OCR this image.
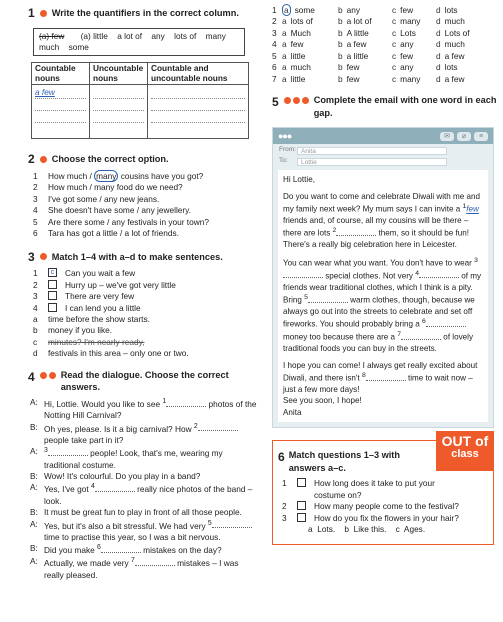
1 Write the quantifiers in the correct column.
(a) few (a) little a lot of any lots of many much some
Countable nouns	Uncountable nouns	Countable and uncountable nouns

a few		

2 Choose the correct option.
1	How much / many cousins have you got?
2	How much / many food do we need?
3	I've got some / any new jeans.
4	She doesn't have some / any jewellery.
5	Are there some / any festivals in your town?
6	Tara has got a little / a lot of friends.
3 Match 1–4 with a–d to make sentences.
1	c	Can you wait a few
2	Hurry up – we've got very little
3	There are very few
4	I can lend you a little
a	time before the show starts.
b	money if you like.
c	minutes? I'm nearly ready,
d	festivals in this area – only one or two.
4	Read the dialogue. Choose the correct answers.
A: Hi, Lottie. Would you like to see $^1$	photos of the Notting Hill Carnival?
B: Oh yes, please. Is it a big carnival? How $^2$ people take part in it?
A: $^3$	people! Look, that's me, wearing my traditional costume.
B: Wow! It's colourful. Do you play in a band?
A: Yes, I've got $^4$	really nice photos of the band – look.
B: It must be great fun to play in front of all those people.
A: Yes, but it's also a bit stressful. We had very $^5$ time to practise this year, so I was a bit nervous.
B: Did you make $^6$	mistakes on the day?
A: Actually, we made very $^7$	mistakes – I was really pleased.
1 a some	b any	c few	d lots
2 a lots of	b a lot of	c many	d much
3 a Much	b A little	c Lots	d Lots of
4 a few	b a few	c any	d much
5 a little	b a little	c few	d a few
6 a much	b few	c any	d lots
7 a little	b few	c many	d a few
5	Complete the email with one word in each gap.
●●●	✉	⌀	≡
From: Anita
To:	Lottie

Hi Lottie,

Do you want to come and celebrate Diwali with me and my family next week? My mum says I can invite a $^1$few friends and, of course, all my cousins will be there – there are lots $^2$	them, so it should be fun! There's a really big celebration here in Leicester.

You can wear what you want. You don't have to wear $^3$ special clothes. Not very $^4$	of my friends wear traditional clothes, which I think is a pity. Bring $^5$	warm clothes, though, because we always go out into the streets to celebrate and set off fireworks. You should probably bring a $^6$ money too because there are a $^7$	of lovely traditional foods you can buy in the streets.

I hope you can come! I always get really excited about Diwali, and there isn't $^8$	time to wait now – just a few more days!
See you soon, I hope!
Anita

OUT of
class
6 Match questions 1–3 with answers a–c.
1	How long does it take to put your costume on?
2	How many people come to the festival?
3	How do you fix the flowers in your hair?
a  Lots.    b  Like this.    c  Ages.
